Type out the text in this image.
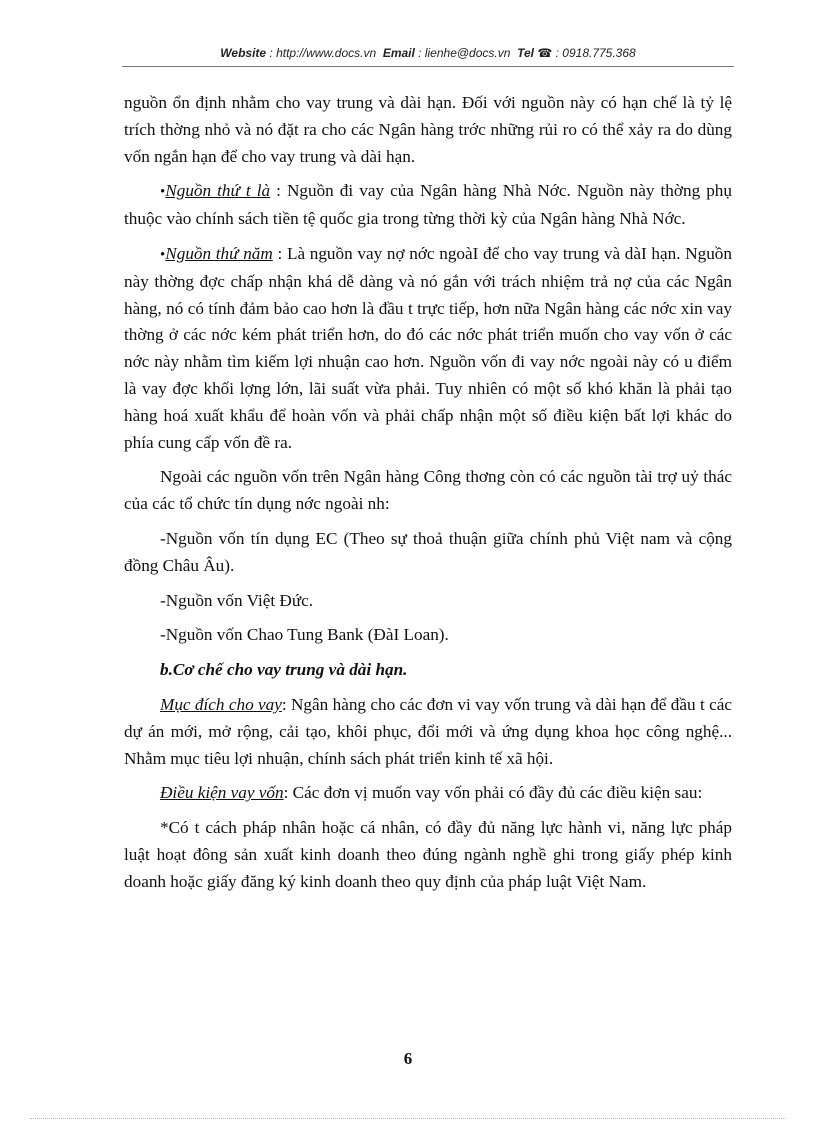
Website : http://www.docs.vn Email : lienhe@docs.vn Tel ☎ : 0918.775.368

nguồn ổn định nhằm cho vay trung và dài hạn. Đối với nguồn này có hạn chế là tỷ lệ trích thờng nhỏ và nó đặt ra cho các Ngân hàng trớc những rủi ro có thể xảy ra do dùng vốn ngắn hạn để cho vay trung và dài hạn.

•Nguồn thứ t là : Nguồn đi vay của Ngân hàng Nhà Nớc. Nguồn này thờng phụ thuộc vào chính sách tiền tệ quốc gia trong từng thời kỳ của Ngân hàng Nhà Nớc.

•Nguồn thứ năm : Là nguồn vay nợ nớc ngoàI để cho vay trung và dàI hạn. Nguồn này thờng đợc chấp nhận khá dễ dàng và nó gắn với trách nhiệm trả nợ của các Ngân hàng, nó có tính đảm bảo cao hơn là đầu t trực tiếp, hơn nữa Ngân hàng các nớc xin vay thờng ở các nớc kém phát triển hơn, do đó các nớc phát triển muốn cho vay vốn ở các nớc này nhằm tìm kiếm lợi nhuận cao hơn. Nguồn vốn đi vay nớc ngoài này có u điểm là vay đợc khối lợng lớn, lãi suất vừa phải. Tuy nhiên có một số khó khăn là phải tạo hàng hoá xuất khẩu để hoàn vốn và phải chấp nhận một số điều kiện bất lợi khác do phía cung cấp vốn đề ra.

Ngoài các nguồn vốn trên Ngân hàng Công thơng còn có các nguồn tài trợ uỷ thác của các tổ chức tín dụng nớc ngoài nh:

-Nguồn vốn tín dụng EC (Theo sự thoả thuận giữa chính phủ Việt nam và cộng đồng Châu Âu).

-Nguồn vốn Việt Đức.

-Nguồn vốn Chao Tung Bank (ĐàI Loan).

b.Cơ chế cho vay trung và dài hạn.

Mục đích cho vay: Ngân hàng cho các đơn vi vay vốn trung và dài hạn để đầu t các dự án mới, mở rộng, cải tạo, khôi phục, đổi mới và ứng dụng khoa học công nghệ... Nhằm mục tiêu lợi nhuận, chính sách phát triển kinh tế xã hội.

Điều kiện vay vốn: Các đơn vị muốn vay vốn phải có đầy đủ các điều kiện sau:

*Có t cách pháp nhân hoặc cá nhân, có đầy đủ năng lực hành vi, năng lực pháp luật hoạt đông sản xuất kinh doanh theo đúng ngành nghề ghi trong giấy phép kinh doanh hoặc giấy đăng ký kinh doanh theo quy định của pháp luật Việt Nam.

6
